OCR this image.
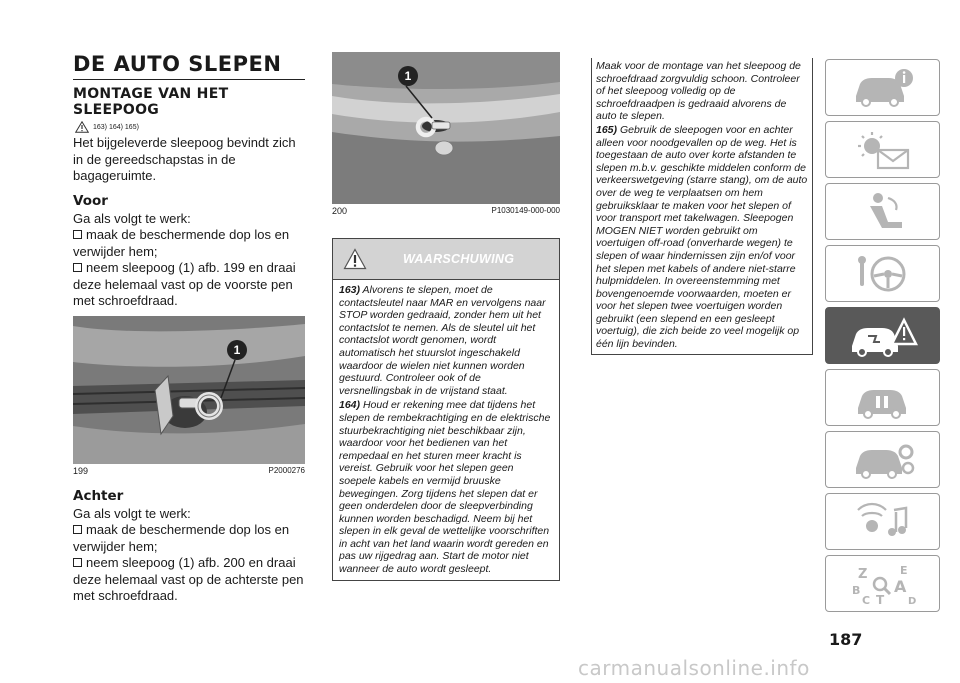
DE AUTO SLEPEN
MONTAGE VAN HET
SLEEPOOG
163) 164) 165)

Het bijgeleverde sleepoog bevindt zich in de gereedschapstas in de bagageruimte.

Voor

Ga als volgt te werk:

maak de beschermende dop los en verwijder hem;

neem sleepoog (1) afb. 199 en draai deze helemaal vast op de voorste pen met schroefdraad.

1
199	P2000276
Achter

Ga als volgt te werk:

maak de beschermende dop los en verwijder hem;

neem sleepoog (1) afb. 200 en draai deze helemaal vast op de achterste pen met schroefdraad.

1
200	P1030149-000-000
WAARSCHUWING

163) Alvorens te slepen, moet de contactsleutel naar MAR en vervolgens naar STOP worden gedraaid, zonder hem uit het contactslot te nemen. Als de sleutel uit het contactslot wordt genomen, wordt automatisch het stuurslot ingeschakeld waardoor de wielen niet kunnen worden gestuurd. Controleer ook of de versnellingsbak in de vrijstand staat.

164) Houd er rekening mee dat tijdens het slepen de rembekrachtiging en de elektrische stuurbekrachtiging niet beschikbaar zijn, waardoor voor het bedienen van het rempedaal en het sturen meer kracht is vereist. Gebruik voor het slepen geen soepele kabels en vermijd bruuske bewegingen. Zorg tijdens het slepen dat er geen onderdelen door de sleepverbinding kunnen worden beschadigd. Neem bij het slepen in elk geval de wettelijke voorschriften in acht van het land waarin wordt gereden en pas uw rijgedrag aan. Start de motor niet wanneer de auto wordt gesleept.

Maak voor de montage van het sleepoog de schroefdraad zorgvuldig schoon. Controleer of het sleepoog volledig op de schroefdraadpen is gedraaid alvorens de auto te slepen.

165) Gebruik de sleepogen voor en achter alleen voor noodgevallen op de weg. Het is toegestaan de auto over korte afstanden te slepen m.b.v. geschikte middelen conform de verkeerswetgeving (starre stang), om de auto over de weg te verplaatsen om hem gebruiksklaar te maken voor het slepen of voor transport met takelwagen. Sleepogen MOGEN NIET worden gebruikt om voertuigen off-road (onverharde wegen) te slepen of waar hindernissen zijn en/of voor het slepen met kabels of andere niet-starre hulpmiddelen. In overeenstemming met bovengenoemde voorwaarden, moeten er voor het slepen twee voertuigen worden gebruikt (een slepend en een gesleept voertuig), die zich beide zo veel mogelijk op één lijn bevinden.

Z	E
B A
C T D
187
carmanualsonline.info
